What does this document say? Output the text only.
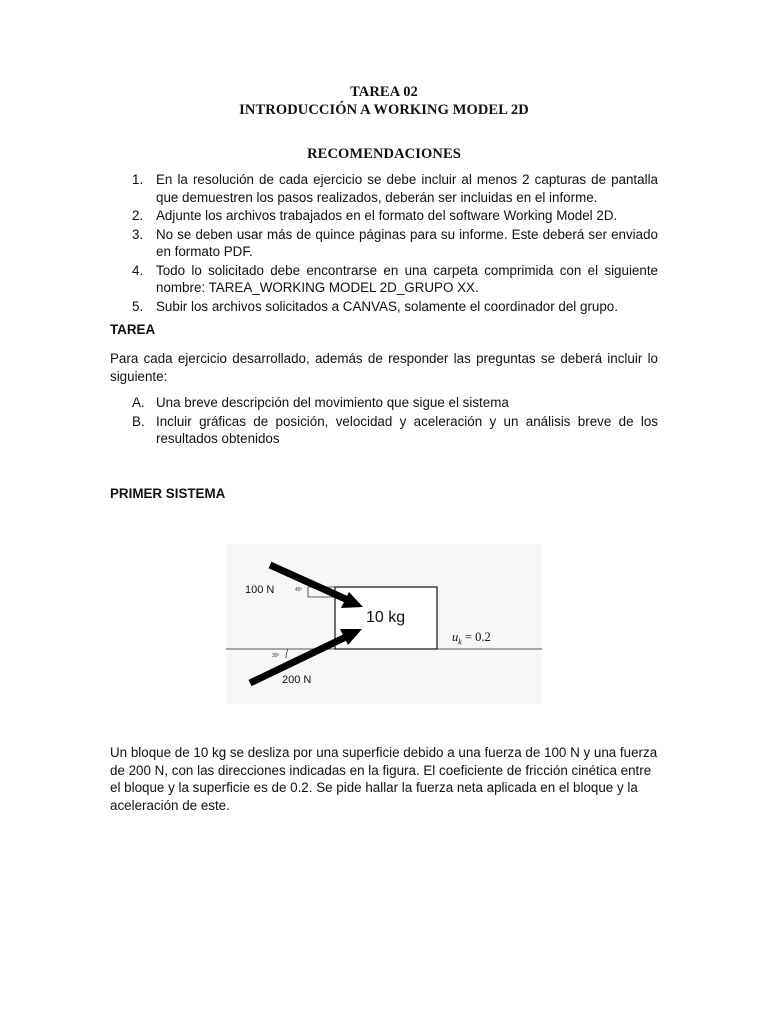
TAREA 02
INTRODUCCIÓN A WORKING MODEL 2D
RECOMENDACIONES
1. En la resolución de cada ejercicio se debe incluir al menos 2 capturas de pantalla que demuestren los pasos realizados, deberán ser incluidas en el informe.
2. Adjunte los archivos trabajados en el formato del software Working Model 2D.
3. No se deben usar más de quince páginas para su informe. Este deberá ser enviado en formato PDF.
4. Todo lo solicitado debe encontrarse en una carpeta comprimida con el siguiente nombre: TAREA_WORKING MODEL 2D_GRUPO XX.
5. Subir los archivos solicitados a CANVAS, solamente el coordinador del grupo.
TAREA

Para cada ejercicio desarrollado, además de responder las preguntas se deberá incluir lo siguiente:

A. Una breve descripción del movimiento que sigue el sistema
B. Incluir gráficas de posición, velocidad y aceleración y un análisis breve de los resultados obtenidos
PRIMER SISTEMA
100 N	45º
200 N
30º
10 kg
$u_k = 0.2$

Un bloque de 10 kg se desliza por una superficie debido a una fuerza de 100 N y una fuerza de 200 N, con las direcciones indicadas en la figura. El coeficiente de fricción cinética entre el bloque y la superficie es de 0.2. Se pide hallar la fuerza neta aplicada en el bloque y la aceleración de este.
